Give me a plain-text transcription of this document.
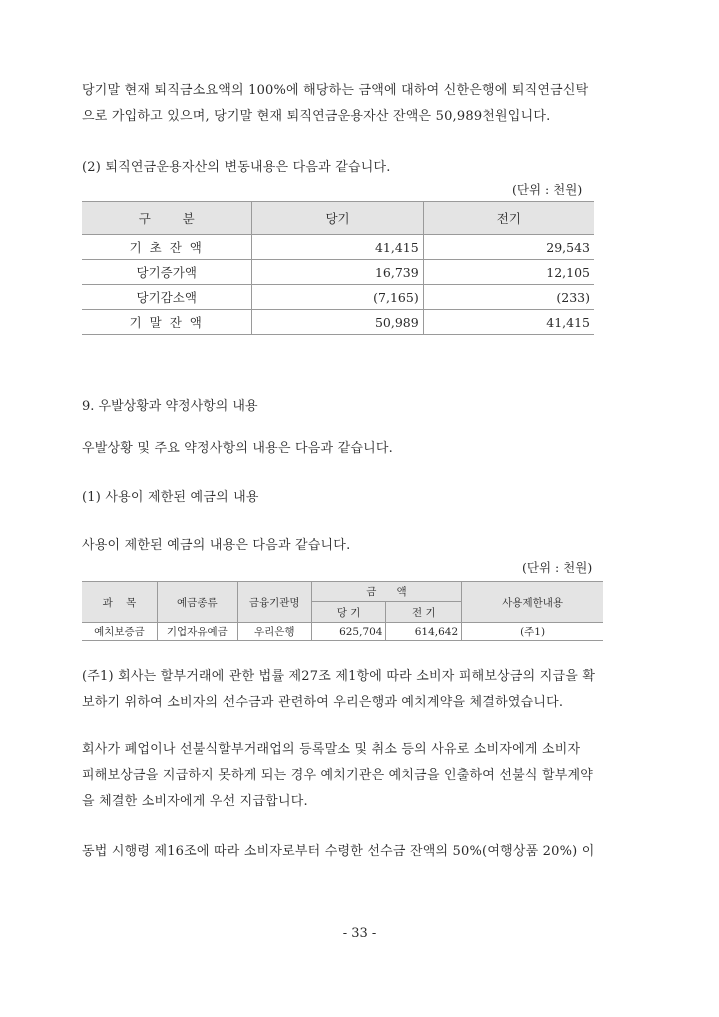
당기말 현재 퇴직금소요액의 100%에 해당하는 금액에 대하여 신한은행에 퇴직연금신탁

으로 가입하고 있으며, 당기말 현재 퇴직연금운용자산 잔액은 50,989천원입니다.

(2) 퇴직연금운용자산의 변동내용은 다음과 같습니다.

(단위 : 천원)
구        분	당기	전기
기 초 잔 액	41,415	29,543
당기증가액	16,739	12,105
당기감소액	(7,165)	(233)
기 말 잔 액	50,989	41,415
9. 우발상황과 약정사항의 내용

우발상황 및 주요 약정사항의 내용은 다음과 같습니다.

(1) 사용이 제한된 예금의 내용

사용이 제한된 예금의 내용은 다음과 같습니다.

(단위 : 천원)
과    목	예금종류	금융기관명	금      액		사용제한내용
			당 기	전 기	
예치보증금	기업자유예금	우리은행	625,704	614,642	(주1)

(주1) 회사는 할부거래에 관한 법률 제27조 제1항에 따라 소비자 피해보상금의 지급을 확

보하기 위하여 소비자의 선수금과 관련하여 우리은행과 예치계약을 체결하였습니다.

회사가 폐업이나 선불식할부거래업의 등록말소 및 취소 등의 사유로 소비자에게 소비자

피해보상금을 지급하지 못하게 되는 경우 예치기관은 예치금을 인출하여 선불식 할부계약

을 체결한 소비자에게 우선 지급합니다.

동법 시행령 제16조에 따라 소비자로부터 수령한 선수금 잔액의 50%(여행상품 20%) 이

- 33 -
